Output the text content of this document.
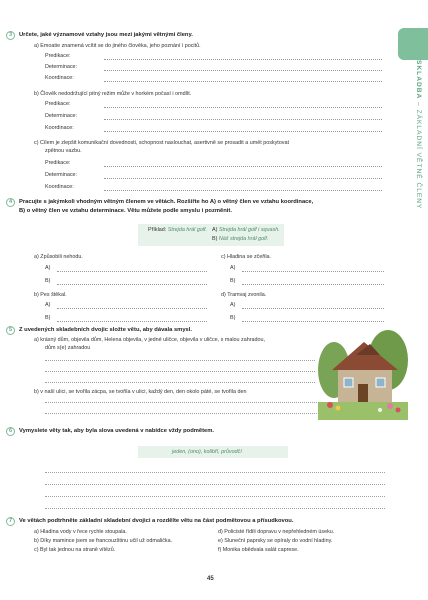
SKLADBA – ZÁKLADNÍ VĚTNÉ ČLENY
3	Určete, jaké významové vztahy jsou mezi jakými větnými členy.
a) Emoatie znamená vcítit se do jiného člověka, jeho poznání i pocitů.
Predikace:
Determinace:
Koordinace:
b) Člověk nedodržující pitný režim může v horkém počasí i omdlít.
Predikace:
Determinace:
Koordinace:
c) Cílem je zlepšit komunikační dovednosti, schopnost naslouchat, asertivně se prosadit a umět poskytovat
zpětnou vazbu.
Predikace:
Determinace:
Koordinace:
4	Pracujte s jakýmkoli vhodným větným členem ve větách. Rozšiřte ho A) o větný člen ve vztahu koordinace,
B) o větný člen ve vztahu determinace. Větu můžete podle smyslu i pozměnit.
Příklad: Strejda hrál golf. A) Strejda hrál golf i squash.
B) Náš strejda hrál golf.
a) Způsobili nehodu.
A)
B)
c) Hladina se zčeřila.
A)
B)
b) Pes štěkal.
A)
B)
d) Tramvaj zvonila.
A)
B)
5	Z uvedených skladebních dvojic složte větu, aby dávala smysl.
a) krásný dům, objevila dům, Helena objevila, v jedné uličce, objevila v uličce, s malou zahradou,
dům s(e) zahradou
b) v naší ulici, se tvořila zácpa, se tvořila v ulici, každý den, den okolo páté, se tvořila den
6	Vymyslete věty tak, aby byla slova uvedená v nabídce vždy podmětem.
jeden, (ono), kolibří, průvodčí
7	Ve větách podtrhněte základní skladební dvojici a rozdělte větu na část podmětovou a přísudkovou.
a) Hladina vody v řece rychle stoupala.
b) Díky mamince jsem se francouzštinu učil už odmalička.
c) Byl tak jednou na straně vítězů.
d) Policisté řídili dopravu v nepřehledném úseku.
e) Sluneční paprsky se opíraly do vodní hladiny.
f) Monika obědvala salát caprese.
45
